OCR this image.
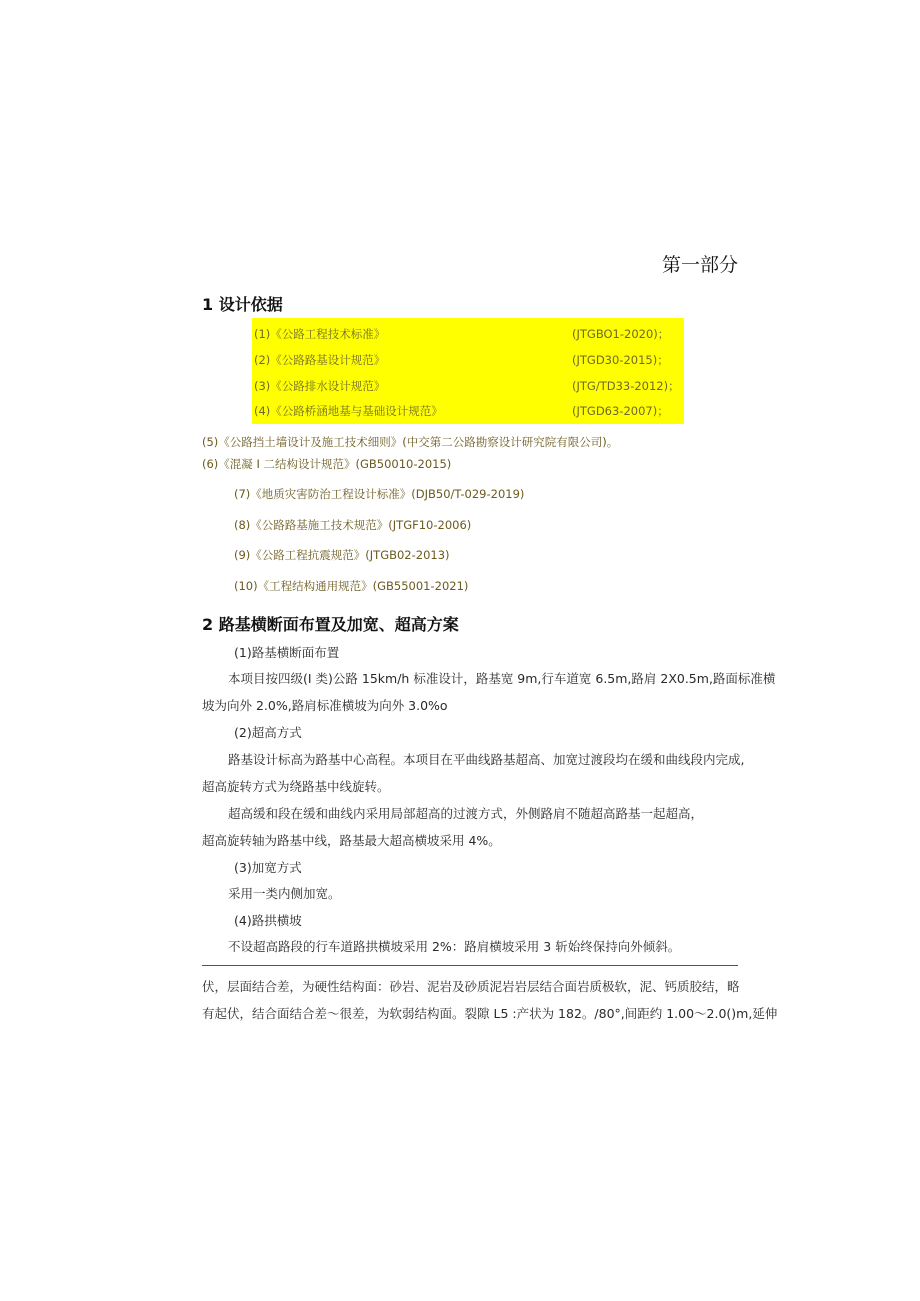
第一部分
1 设计依据
(1)《公路工程技术标准》	(JTGBO1-2020)；
(2)《公路路基设计规范》	(JTGD30-2015)；
(3)《公路排水设计规范》	(JTG/TD33-2012)；
(4)《公路桥涵地基与基础设计规范》	(JTGD63-2007)；
(5)《公路挡土墙设计及施工技术细则》(中交第二公路勘察设计研究院有限公司)。
(6)《混凝 I 二结构设计规范》(GB50010-2015)
(7)《地质灾害防治工程设计标准》(DJB50/T-029-2019)
(8)《公路路基施工技术规范》(JTGF10-2006)
(9)《公路工程抗震规范》(JTGB02-2013)
(10)《工程结构通用规范》(GB55001-2021)
2 路基横断面布置及加宽、超高方案
(1)路基横断面布置
本项目按四级(I 类)公路 15km/h 标准设计，路基宽 9m,行车道宽 6.5m,路肩 2X0.5m,路面标准横
坡为向外 2.0%,路肩标准横坡为向外 3.0%o
(2)超高方式
路基设计标高为路基中心高程。本项目在平曲线路基超高、加宽过渡段均在缓和曲线段内完成,
超高旋转方式为绕路基中线旋转。
超高缓和段在缓和曲线内采用局部超高的过渡方式，外侧路肩不随超高路基一起超高，
超高旋转轴为路基中线，路基最大超高横坡采用 4%。
(3)加宽方式
采用一类内侧加宽。
(4)路拱横坡
不设超高路段的行车道路拱横坡采用 2%：路肩横坡采用 3 斩始终保持向外倾斜。
伏，层面结合差，为硬性结构面：砂岩、泥岩及砂质泥岩岩层结合面岩质极软，泥、钙质胶结，略
有起伏，结合面结合差～很差，为软弱结构面。裂隙 L5 :产状为 182。/80°,间距约 1.00～2.0()m,延伸
